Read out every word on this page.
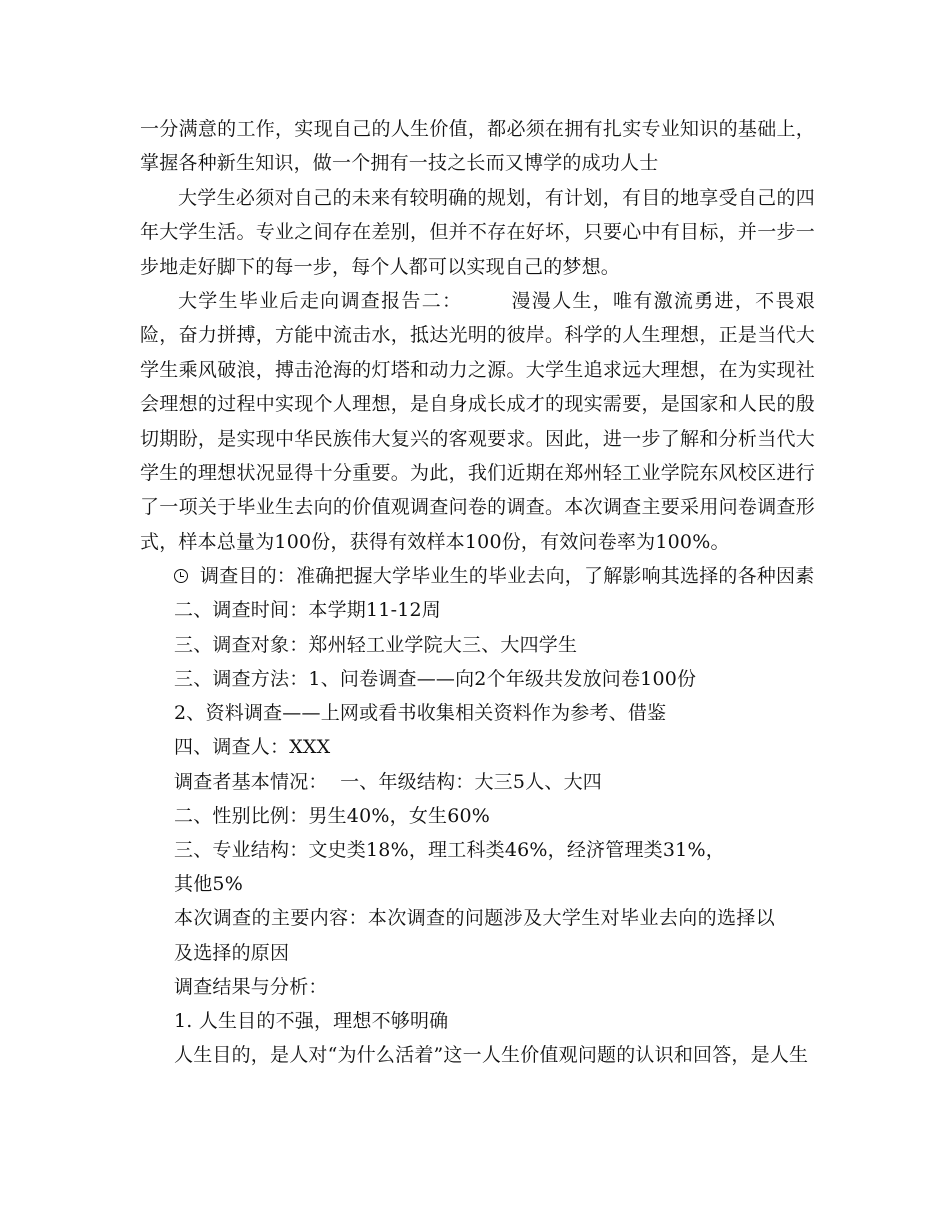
一分满意的工作，实现自己的人生价值，都必须在拥有扎实专业知识的基础上，掌握各种新生知识，做一个拥有一技之长而又博学的成功人士

大学生必须对自己的未来有较明确的规划，有计划，有目的地享受自己的四年大学生活。专业之间存在差别，但并不存在好坏，只要心中有目标，并一步一步地走好脚下的每一步，每个人都可以实现自己的梦想。

大学生毕业后走向调查报告二：	漫漫人生，唯有激流勇进，不畏艰险，奋力拼搏，方能中流击水，抵达光明的彼岸。科学的人生理想，正是当代大学生乘风破浪，搏击沧海的灯塔和动力之源。大学生追求远大理想，在为实现社会理想的过程中实现个人理想，是自身成长成才的现实需要，是国家和人民的殷切期盼，是实现中华民族伟大复兴的客观要求。因此，进一步了解和分析当代大学生的理想状况显得十分重要。为此，我们近期在郑州轻工业学院东风校区进行了一项关于毕业生去向的价值观调查问卷的调查。本次调查主要采用问卷调查形式，样本总量为100份，获得有效样本100份，有效问卷率为100%。

调查目的：准确把握大学毕业生的毕业去向，了解影响其选择的各种因素

二、调查时间：本学期11-12周

三、调查对象：郑州轻工业学院大三、大四学生

三、调查方法：1、问卷调查——向2个年级共发放问卷100份

2、资料调查——上网或看书收集相关资料作为参考、借鉴

四、调查人：XXX

调查者基本情况：  一、年级结构：大三5人、大四

二、性别比例：男生40%，女生60%

三、专业结构：文史类18%，理工科类46%，经济管理类31%，

其他5%

本次调查的主要内容：本次调查的问题涉及大学生对毕业去向的选择以及选择的原因

调查结果与分析：

1. 人生目的不强，理想不够明确

人生目的，是人对“为什么活着”这一人生价值观问题的认识和回答，是人生
